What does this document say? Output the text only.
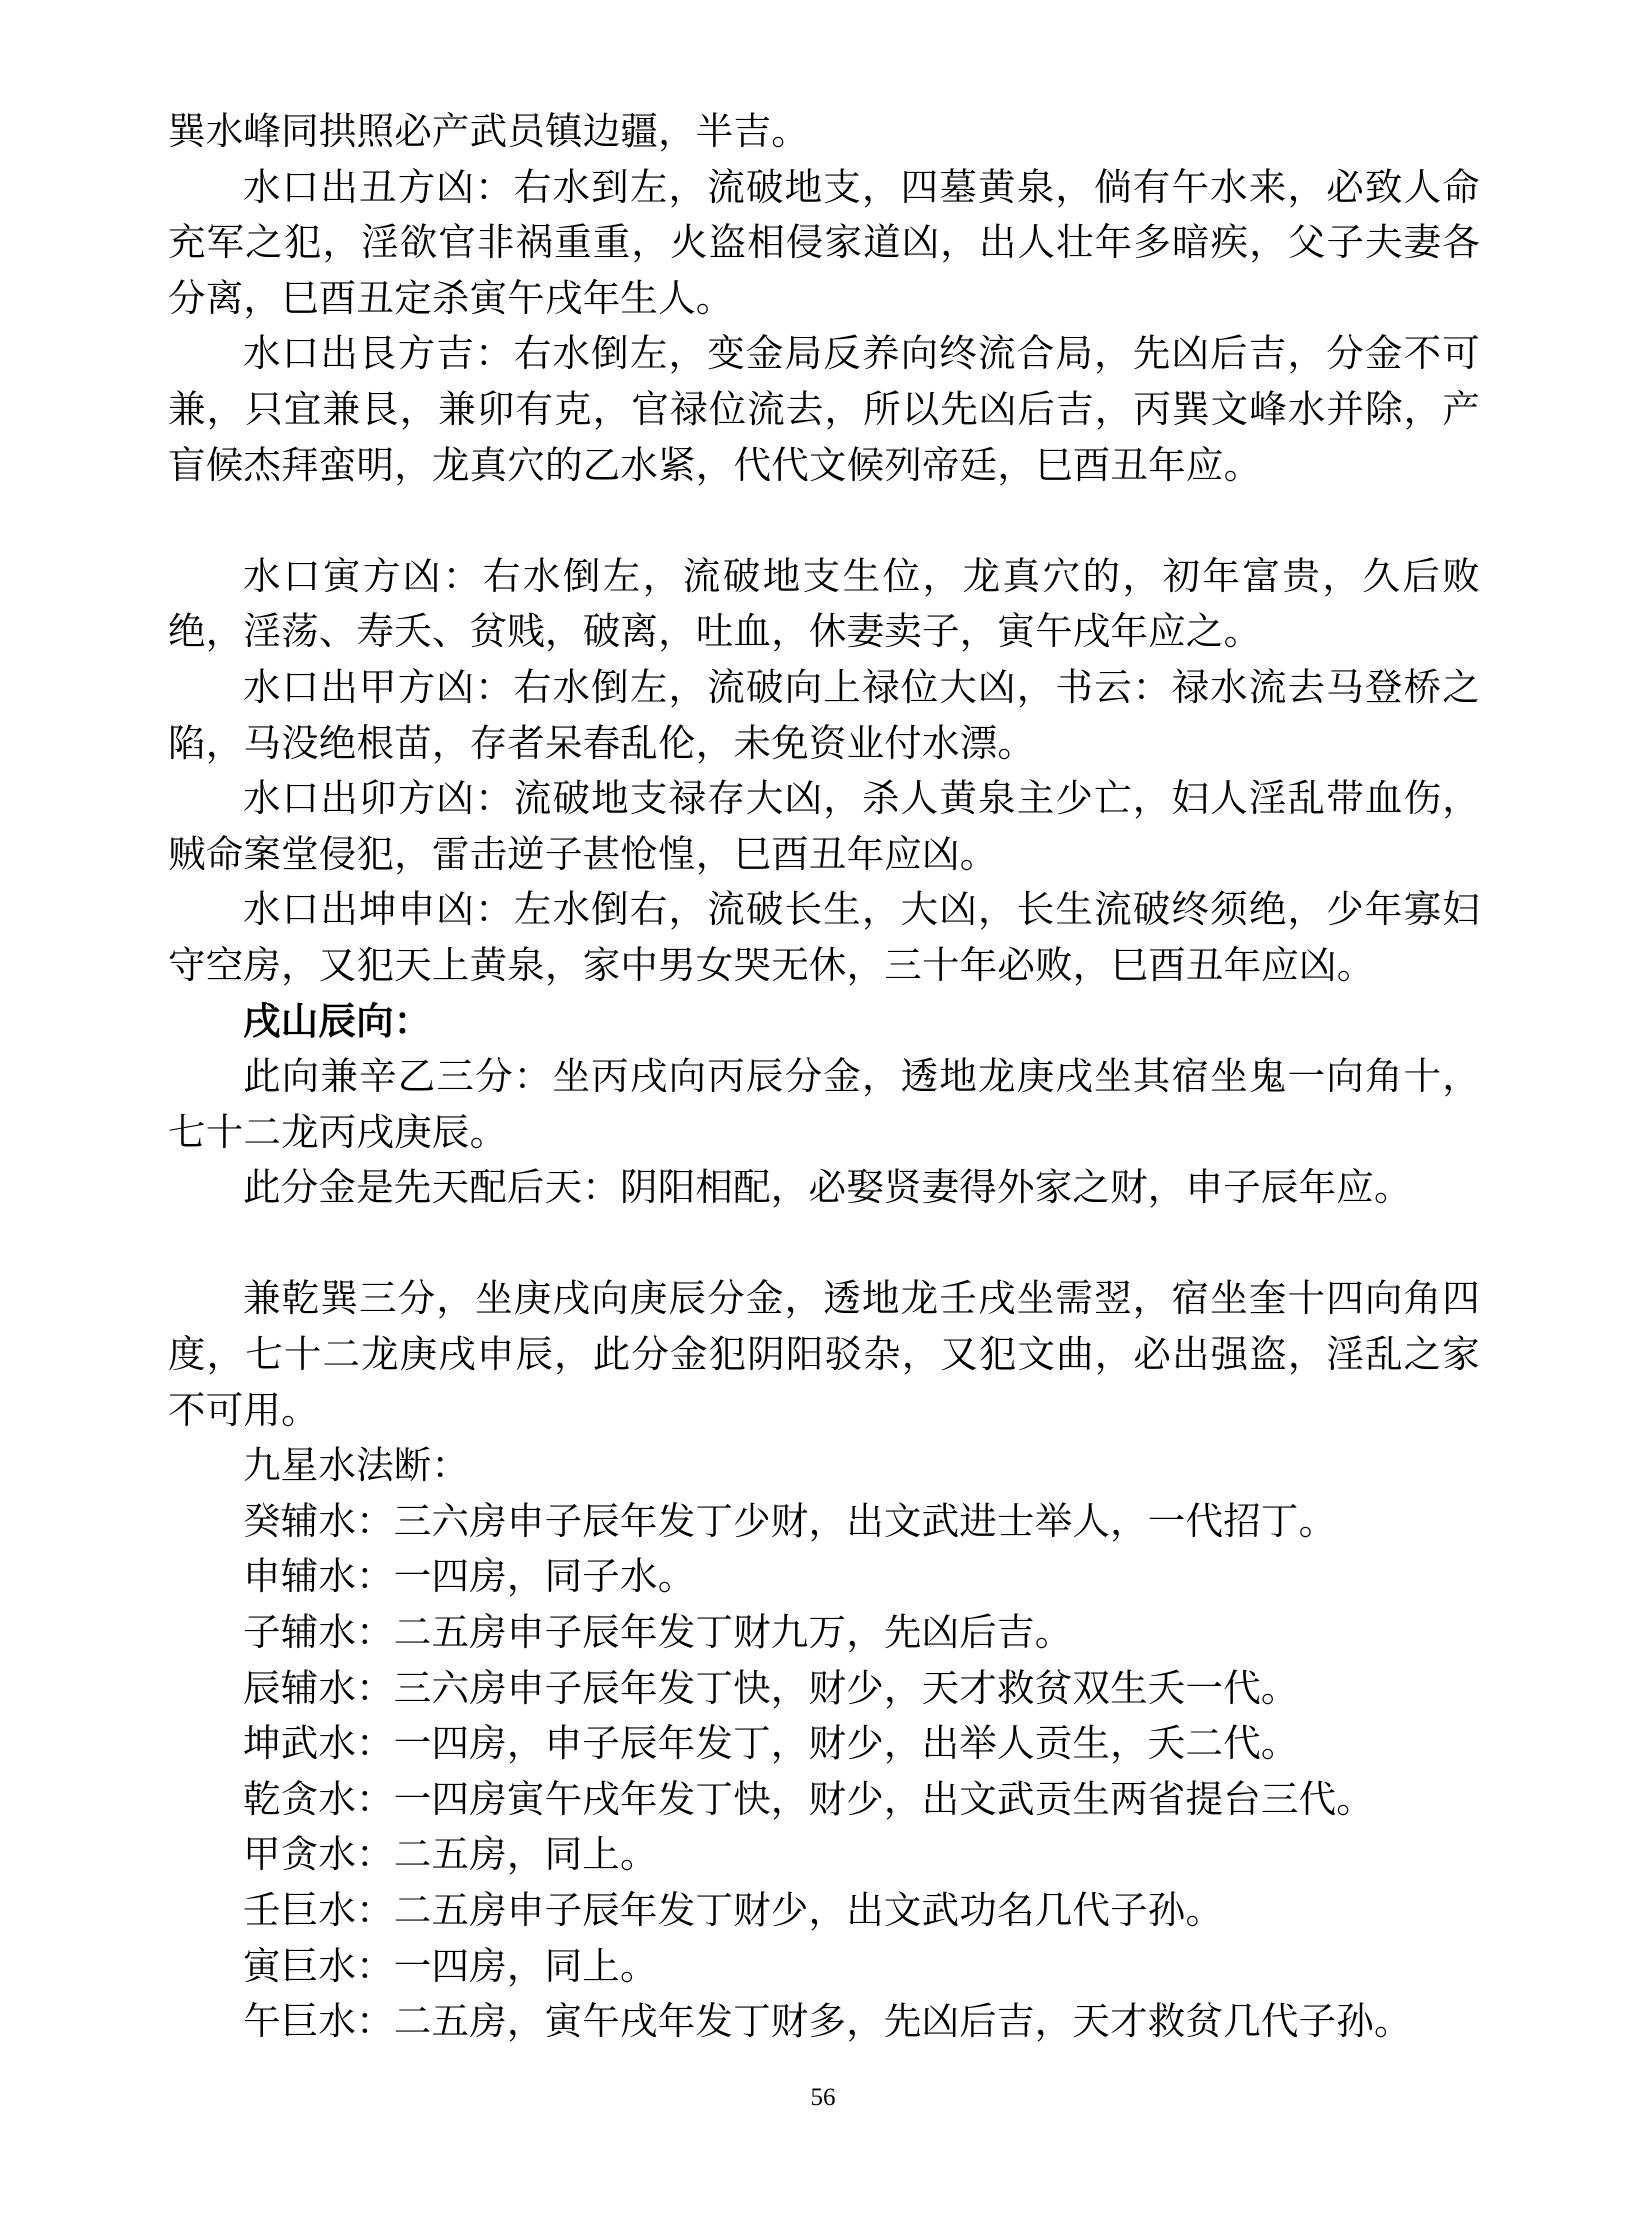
巽水峰同拱照必产武员镇边疆，半吉。

水口出丑方凶：右水到左，流破地支，四墓黄泉，倘有午水来，必致人命充军之犯，淫欲官非祸重重，火盗相侵家道凶，出人壮年多暗疾，父子夫妻各分离，巳酉丑定杀寅午戌年生人。

水口出艮方吉：右水倒左，变金局反养向终流合局，先凶后吉，分金不可兼，只宜兼艮，兼卯有克，官禄位流去，所以先凶后吉，丙巽文峰水并除，产盲候杰拜蛮明，龙真穴的乙水紧，代代文候列帝廷，巳酉丑年应。

水口寅方凶：右水倒左，流破地支生位，龙真穴的，初年富贵，久后败绝，淫荡、寿夭、贫贱，破离，吐血，休妻卖子，寅午戌年应之。

水口出甲方凶：右水倒左，流破向上禄位大凶，书云：禄水流去马登桥之陷，马没绝根苗，存者呆春乱伦，未免资业付水漂。

水口出卯方凶：流破地支禄存大凶，杀人黄泉主少亡，妇人淫乱带血伤，贼命案堂侵犯，雷击逆子甚怆惶，巳酉丑年应凶。

水口出坤申凶：左水倒右，流破长生，大凶，长生流破终须绝，少年寡妇守空房，又犯天上黄泉，家中男女哭无休，三十年必败，巳酉丑年应凶。

戌山辰向：

此向兼辛乙三分：坐丙戌向丙辰分金，透地龙庚戌坐其宿坐鬼一向角十，七十二龙丙戌庚辰。

此分金是先天配后天：阴阳相配，必娶贤妻得外家之财，申子辰年应。

兼乾巽三分，坐庚戌向庚辰分金，透地龙壬戌坐需翌，宿坐奎十四向角四度，七十二龙庚戌申辰，此分金犯阴阳驳杂，又犯文曲，必出强盗，淫乱之家不可用。

九星水法断：

癸辅水：三六房申子辰年发丁少财，出文武进士举人，一代招丁。

申辅水：一四房，同子水。

子辅水：二五房申子辰年发丁财九万，先凶后吉。

辰辅水：三六房申子辰年发丁快，财少，天才救贫双生夭一代。

坤武水：一四房，申子辰年发丁，财少，出举人贡生，夭二代。

乾贪水：一四房寅午戌年发丁快，财少，出文武贡生两省提台三代。

甲贪水：二五房，同上。

壬巨水：二五房申子辰年发丁财少，出文武功名几代子孙。

寅巨水：一四房，同上。

午巨水：二五房，寅午戌年发丁财多，先凶后吉，天才救贫几代子孙。

56
